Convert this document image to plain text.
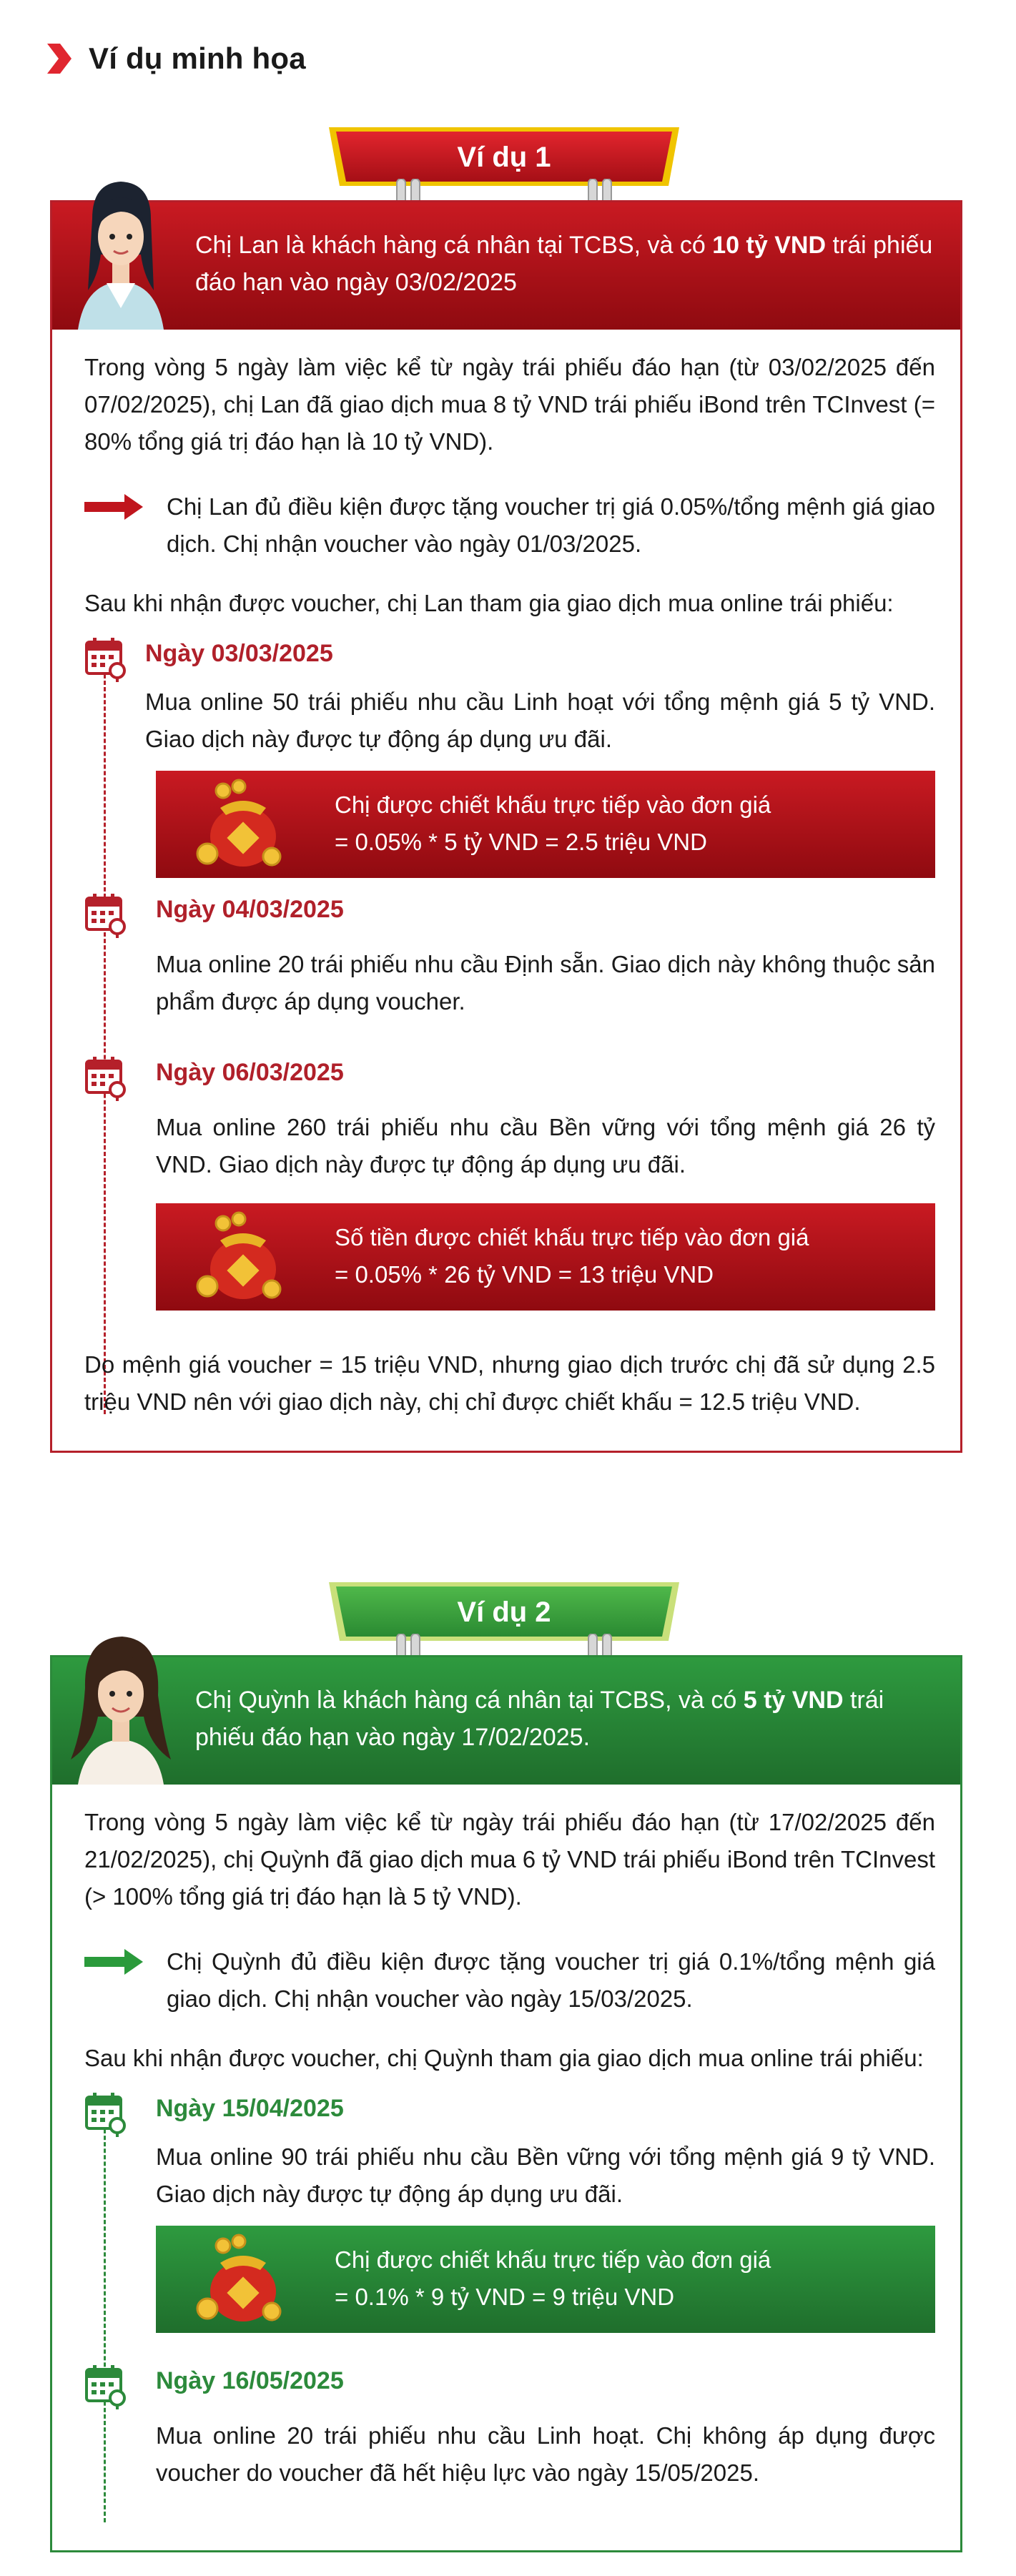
Ví dụ minh họa
Ví dụ 1
Chị Lan là khách hàng cá nhân tại TCBS, và có 10 tỷ VND trái phiếu đáo hạn vào ngày 03/02/2025
Trong vòng 5 ngày làm việc kể từ ngày trái phiếu đáo hạn (từ 03/02/2025 đến 07/02/2025), chị Lan đã giao dịch mua 8 tỷ VND trái phiếu iBond trên TCInvest (= 80% tổng giá trị đáo hạn là 10 tỷ VND).
Chị Lan đủ điều kiện được tặng voucher trị giá 0.05%/tổng mệnh giá giao dịch. Chị nhận voucher vào ngày 01/03/2025.
Sau khi nhận được voucher, chị Lan tham gia giao dịch mua online trái phiếu:
Ngày 03/03/2025
Mua online 50 trái phiếu nhu cầu Linh hoạt với tổng mệnh giá 5 tỷ VND. Giao dịch này được tự động áp dụng ưu đãi.
Chị được chiết khấu trực tiếp vào đơn giá
= 0.05% * 5 tỷ VND = 2.5 triệu VND
Ngày 04/03/2025
Mua online 20 trái phiếu nhu cầu Định sẵn. Giao dịch này không thuộc sản phẩm được áp dụng voucher.
Ngày 06/03/2025
Mua online 260 trái phiếu nhu cầu Bền vững với tổng mệnh giá 26 tỷ VND. Giao dịch này được tự động áp dụng ưu đãi.
Số tiền được chiết khấu trực tiếp vào đơn giá
= 0.05% * 26 tỷ VND = 13 triệu VND
Do mệnh giá voucher = 15 triệu VND, nhưng giao dịch trước chị đã sử dụng 2.5 triệu VND nên với giao dịch này, chị chỉ được chiết khấu = 12.5 triệu VND.
Ví dụ 2
Chị Quỳnh là khách hàng cá nhân tại TCBS, và có 5 tỷ VND trái phiếu đáo hạn vào ngày 17/02/2025.
Trong vòng 5 ngày làm việc kể từ ngày trái phiếu đáo hạn (từ 17/02/2025 đến 21/02/2025), chị Quỳnh đã giao dịch mua 6 tỷ VND trái phiếu iBond trên TCInvest (> 100% tổng giá trị đáo hạn là 5 tỷ VND).
Chị Quỳnh đủ điều kiện được tặng voucher trị giá 0.1%/tổng mệnh giá giao dịch. Chị nhận voucher vào ngày 15/03/2025.
Sau khi nhận được voucher, chị Quỳnh tham gia giao dịch mua online trái phiếu:
Ngày 15/04/2025
Mua online 90 trái phiếu nhu cầu Bền vững với tổng mệnh giá 9 tỷ VND. Giao dịch này được tự động áp dụng ưu đãi.
Chị được chiết khấu trực tiếp vào đơn giá
= 0.1% * 9 tỷ VND = 9 triệu VND
Ngày 16/05/2025
Mua online 20 trái phiếu nhu cầu Linh hoạt. Chị không áp dụng được voucher do voucher đã hết hiệu lực vào ngày 15/05/2025.
